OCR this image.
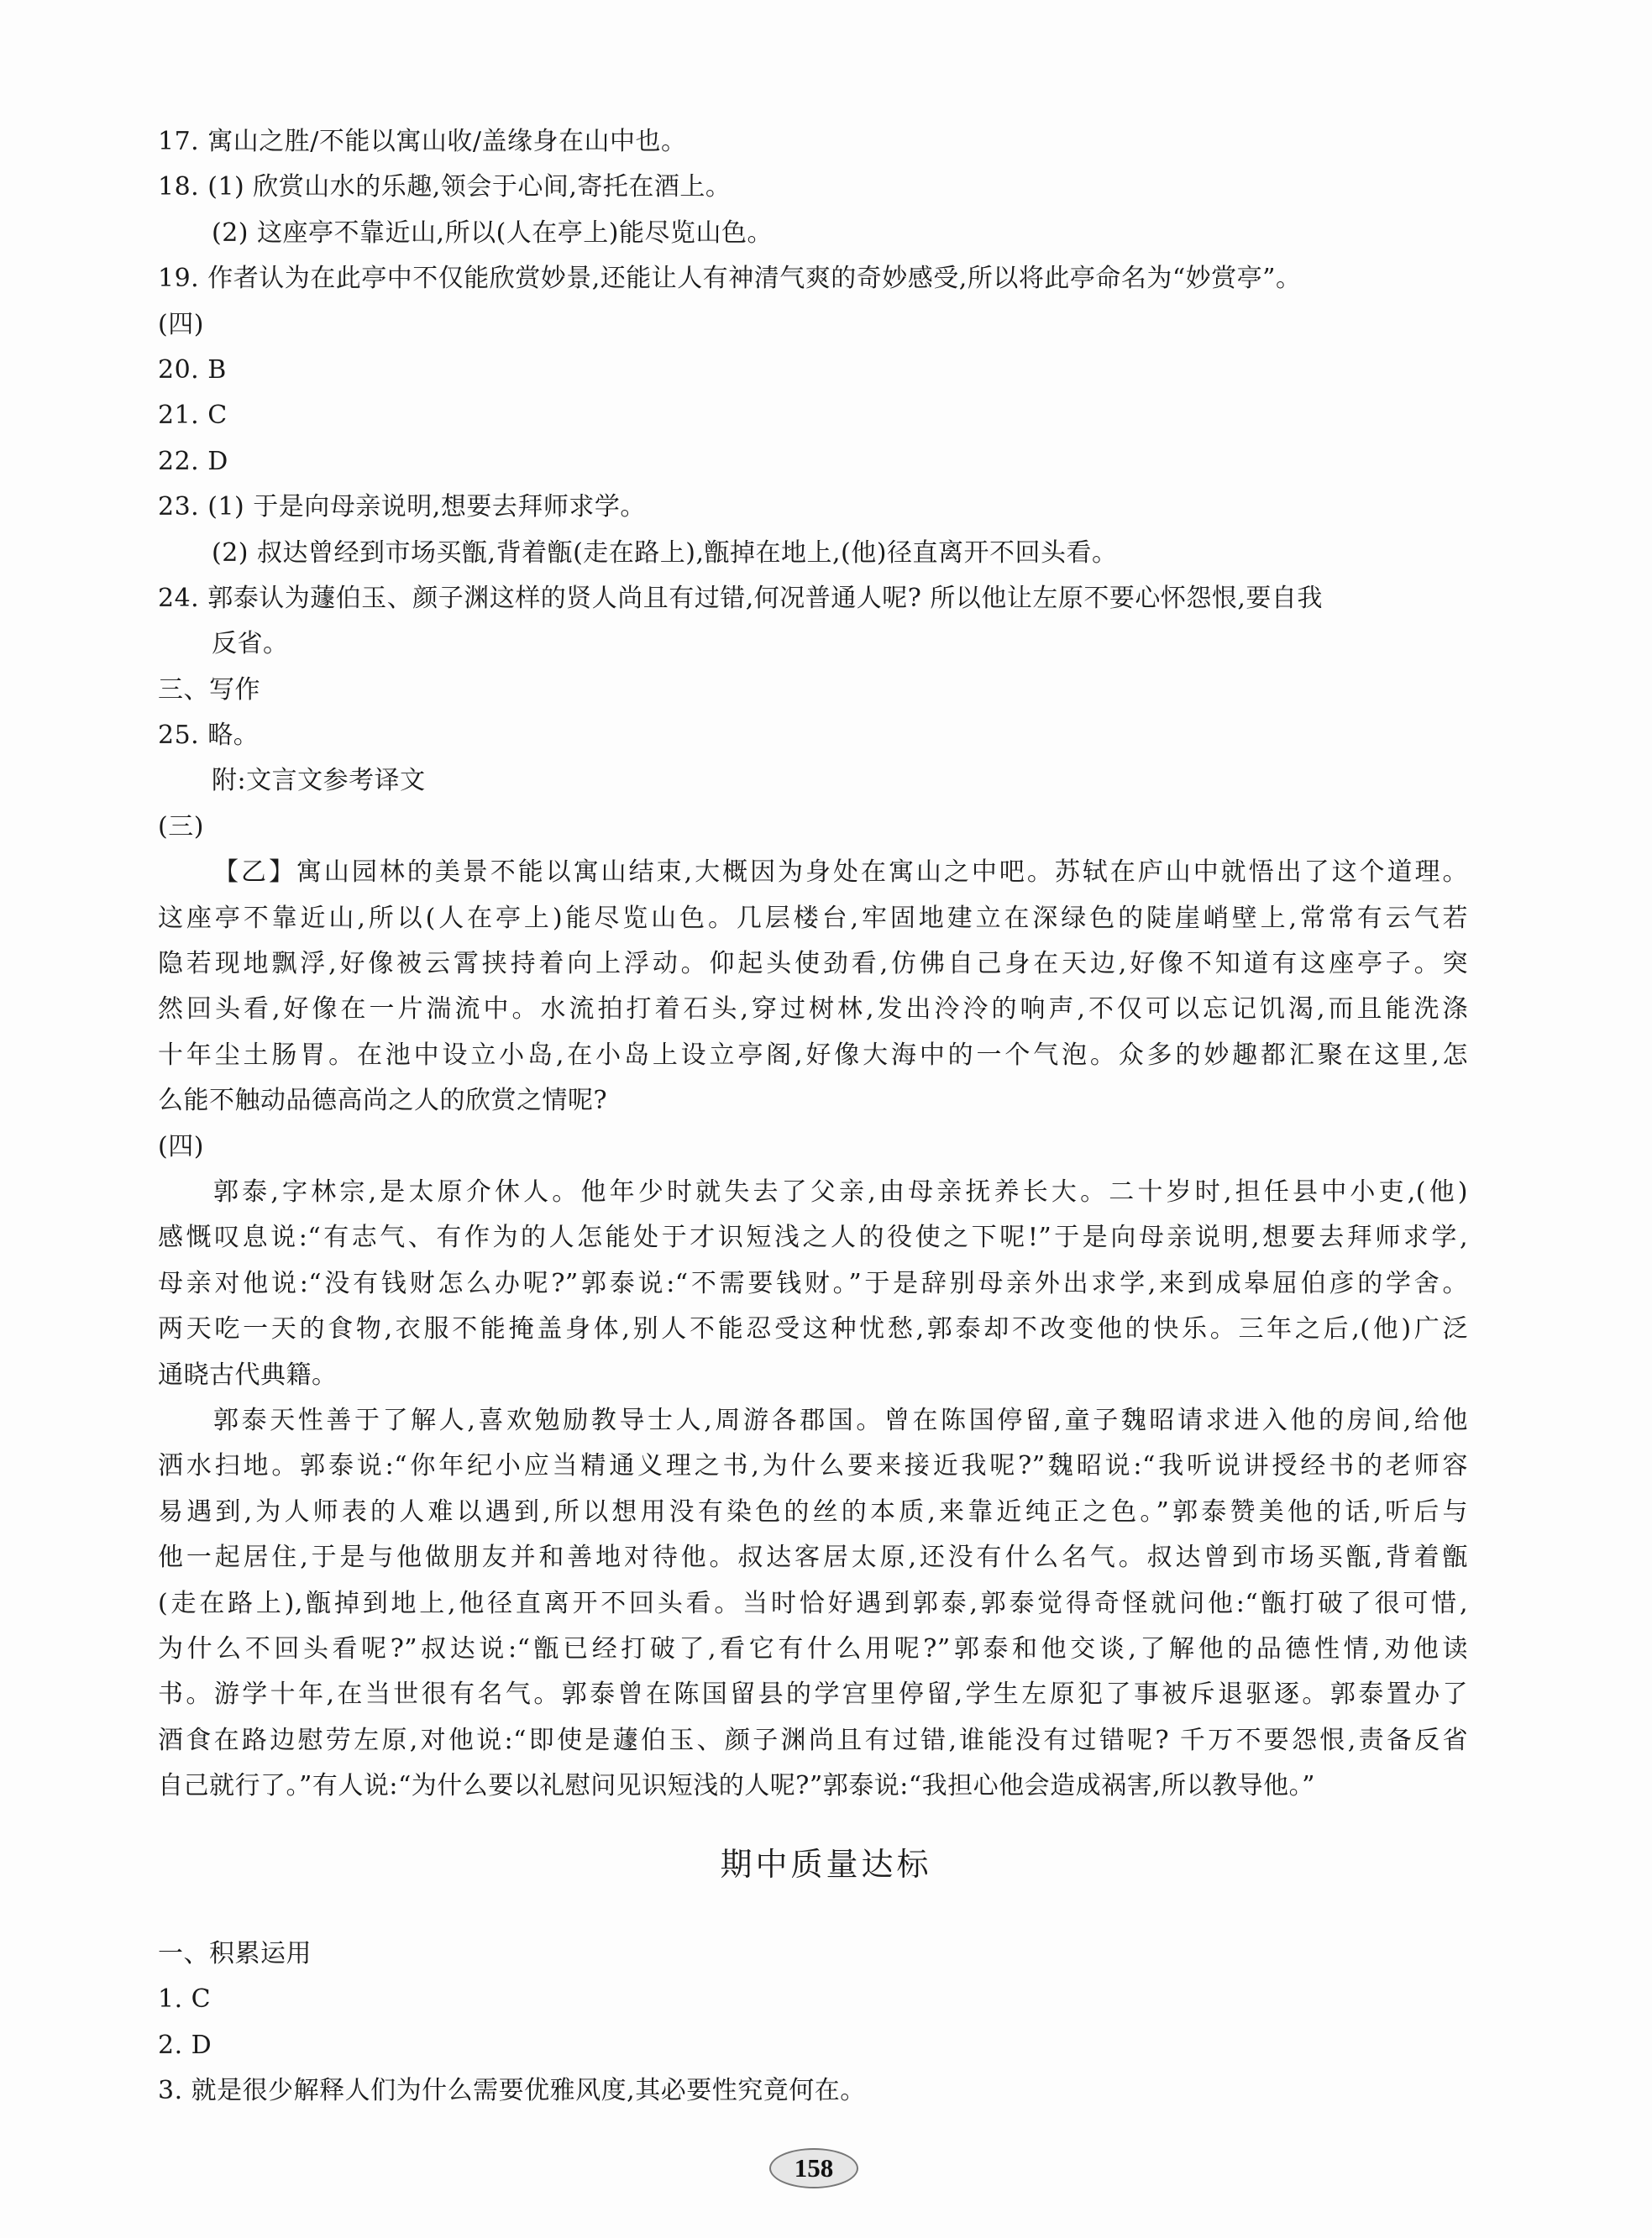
17. 寓山之胜/不能以寓山收/盖缘身在山中也。
18. (1) 欣赏山水的乐趣,领会于心间,寄托在酒上。
(2) 这座亭不靠近山,所以(人在亭上)能尽览山色。
19. 作者认为在此亭中不仅能欣赏妙景,还能让人有神清气爽的奇妙感受,所以将此亭命名为“妙赏亭”。
(四)
20. B
21. C
22. D
23. (1) 于是向母亲说明,想要去拜师求学。
(2) 叔达曾经到市场买甑,背着甑(走在路上),甑掉在地上,(他)径直离开不回头看。
24. 郭泰认为蘧伯玉、颜子渊这样的贤人尚且有过错,何况普通人呢? 所以他让左原不要心怀怨恨,要自我
反省。
三、写作
25. 略。
附:文言文参考译文
(三)
【乙】寓山园林的美景不能以寓山结束,大概因为身处在寓山之中吧。苏轼在庐山中就悟出了这个道理。
这座亭不靠近山,所以(人在亭上)能尽览山色。几层楼台,牢固地建立在深绿色的陡崖峭壁上,常常有云气若
隐若现地飘浮,好像被云霄挟持着向上浮动。仰起头使劲看,仿佛自己身在天边,好像不知道有这座亭子。突
然回头看,好像在一片湍流中。水流拍打着石头,穿过树林,发出泠泠的响声,不仅可以忘记饥渴,而且能洗涤
十年尘土肠胃。在池中设立小岛,在小岛上设立亭阁,好像大海中的一个气泡。众多的妙趣都汇聚在这里,怎
么能不触动品德高尚之人的欣赏之情呢?
(四)
郭泰,字林宗,是太原介休人。他年少时就失去了父亲,由母亲抚养长大。二十岁时,担任县中小吏,(他)
感慨叹息说:“有志气、有作为的人怎能处于才识短浅之人的役使之下呢!”于是向母亲说明,想要去拜师求学,
母亲对他说:“没有钱财怎么办呢?”郭泰说:“不需要钱财。”于是辞别母亲外出求学,来到成皋屈伯彦的学舍。
两天吃一天的食物,衣服不能掩盖身体,别人不能忍受这种忧愁,郭泰却不改变他的快乐。三年之后,(他)广泛
通晓古代典籍。
郭泰天性善于了解人,喜欢勉励教导士人,周游各郡国。曾在陈国停留,童子魏昭请求进入他的房间,给他
洒水扫地。郭泰说:“你年纪小应当精通义理之书,为什么要来接近我呢?”魏昭说:“我听说讲授经书的老师容
易遇到,为人师表的人难以遇到,所以想用没有染色的丝的本质,来靠近纯正之色。”郭泰赞美他的话,听后与
他一起居住,于是与他做朋友并和善地对待他。叔达客居太原,还没有什么名气。叔达曾到市场买甑,背着甑
(走在路上),甑掉到地上,他径直离开不回头看。当时恰好遇到郭泰,郭泰觉得奇怪就问他:“甑打破了很可惜,
为什么不回头看呢?”叔达说:“甑已经打破了,看它有什么用呢?”郭泰和他交谈,了解他的品德性情,劝他读
书。游学十年,在当世很有名气。郭泰曾在陈国留县的学宫里停留,学生左原犯了事被斥退驱逐。郭泰置办了
酒食在路边慰劳左原,对他说:“即使是蘧伯玉、颜子渊尚且有过错,谁能没有过错呢? 千万不要怨恨,责备反省
自己就行了。”有人说:“为什么要以礼慰问见识短浅的人呢?”郭泰说:“我担心他会造成祸害,所以教导他。”
期中质量达标
一、积累运用
1. C
2. D
3. 就是很少解释人们为什么需要优雅风度,其必要性究竟何在。
158
